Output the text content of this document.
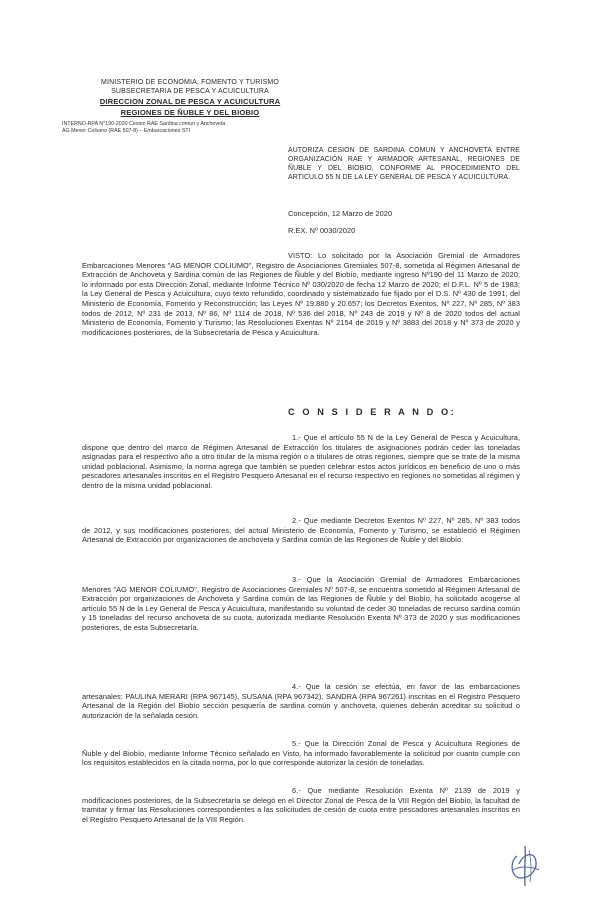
MINISTERIO DE ECONOMIA, FOMENTO Y TURISMO
SUBSECRETARIA DE PESCA Y ACUICULTURA
DIRECCION ZONAL DE PESCA Y ACUICULTURA
REGIONES DE ÑUBLE Y DEL BIOBIO
INTERNO-RPA N°190-2020 Cesion RAE Sardina comun y Anchoveta
AG Menor Coliumo (RAE 507-8) – Embarcaciones STI
AUTORIZA CESION DE SARDINA COMUN Y ANCHOVETA ENTRE ORGANIZACIÓN RAE Y ARMADOR ARTESANAL, REGIONES DE ÑUBLE Y DEL BIOBIO, CONFORME AL PROCEDIMIENTO DEL ARTICULO 55 N DE LA LEY GENERAL DE PESCA Y ACUICULTURA.
Concepción, 12 Marzo de 2020
R.EX. Nº 0030/2020
VISTO: Lo solicitado por la Asociación Gremial de Armadores Embarcaciones Menores "AG MENOR COLIUMO", Registro de Asociaciones Gremiales 507-8, sometida al Régimen Artesanal de Extracción de Anchoveta y Sardina común de las Regiones de Ñuble y del Biobío, mediante ingreso Nº190 del 11 Marzo de 2020; lo informado por esta Dirección Zonal, mediante Informe Técnico Nº 030/2020 de fecha 12 Marzo de 2020; el D.F.L. Nº 5 de 1983; la Ley General de Pesca y Acuicultura, cuyo texto refundido, coordinado y sistematizado fue fijado por el D.S. Nº 430 de 1991, del Ministerio de Economía, Fomento y Reconstrucción; las Leyes Nº 19.880 y 20.657; los Decretos Exentos, Nº 227, Nº 285, Nº 383 todos de 2012, Nº 231 de 2013, Nº 86, Nº 1114 de 2018, Nº 536 del 2018, Nº 243 de 2019 y Nº 8 de 2020 todos del actual Ministerio de Economía, Fomento y Turismo; las Resoluciones Exentas Nº 2154 de 2019 y Nº 3883 del 2018 y Nº 373 de 2020 y modificaciones posteriores, de la Subsecretaria de Pesca y Acuicultura.
C O N S I D E R A N D O:
1.- Que el artículo 55 N de la Ley General de Pesca y Acuicultura, dispone que dentro del marco de Régimen Artesanal de Extracción los titulares de asignaciones podrán ceder las toneladas asignadas para el respectivo año a otro titular de la misma región o a titulares de otras regiones, siempre que se trate de la misma unidad poblacional. Asimismo, la norma agrega que también se pueden celebrar estos actos jurídicos en beneficio de uno o más pescadores artesanales inscritos en el Registro Pesquero Artesanal en el recurso respectivo en regiones no sometidas al régimen y dentro de la misma unidad poblacional.
2.- Que mediante Decretos Exentos Nº 227, Nº 285, Nº 383 todos de 2012, y sus modificaciones posteriores, del actual Ministerio de Economía, Fomento y Turismo, se estableció el Régimen Artesanal de Extracción por organizaciones de anchoveta y Sardina común de las Regiones de Ñuble y del Biobío.
3.- Que la Asociación Gremial de Armadores Embarcaciones Menores "AG MENOR COLIUMO", Registro de Asociaciones Gremiales Nº 507-8, se encuentra sometido al Régimen Artesanal de Extracción por organizaciones de Anchoveta y Sardina común de las Regiones de Ñuble y del Biobío, ha solicitado acogerse al artículo 55 N de la Ley General de Pesca y Acuicultura, manifestando su voluntad de ceder 30 toneladas de recurso sardina común y 15 toneladas del recurso anchoveta de su cuota, autorizada mediante Resolución Exenta Nº 373 de 2020 y sus modificaciones posteriores, de esta Subsecretaría.
4.- Que la cesión se efectúa, en favor de las embarcaciones artesanales: PAULINA MERARI (RPA 967145), SUSANA (RPA 967342), SANDRA (RPA 967261) inscritas en el Registro Pesquero Artesanal de la Región del Biobío sección pesquería de sardina común y anchoveta, quienes deberán acreditar su solicitud o autorización de la señalada cesión.
5.- Que la Dirección Zonal de Pesca y Acuicultura Regiones de Ñuble y del Biobío, mediante Informe Técnico señalado en Visto, ha informado favorablemente la solicitud por cuanto cumple con los requisitos establecidos en la citada norma, por lo que corresponde autorizar la cesión de toneladas.
6.- Que mediante Resolución Exenta Nº 2139 de 2019 y modificaciones posteriores, de la Subsecretaría se delegó en el Director Zonal de Pesca de la VIII Región del Biobío, la facultad de tramitar y firmar las Resoluciones correspondientes a las solicitudes de cesión de cuota entre pescadores artesanales inscritos en el Registro Pesquero Artesanal de la VIII Región.
